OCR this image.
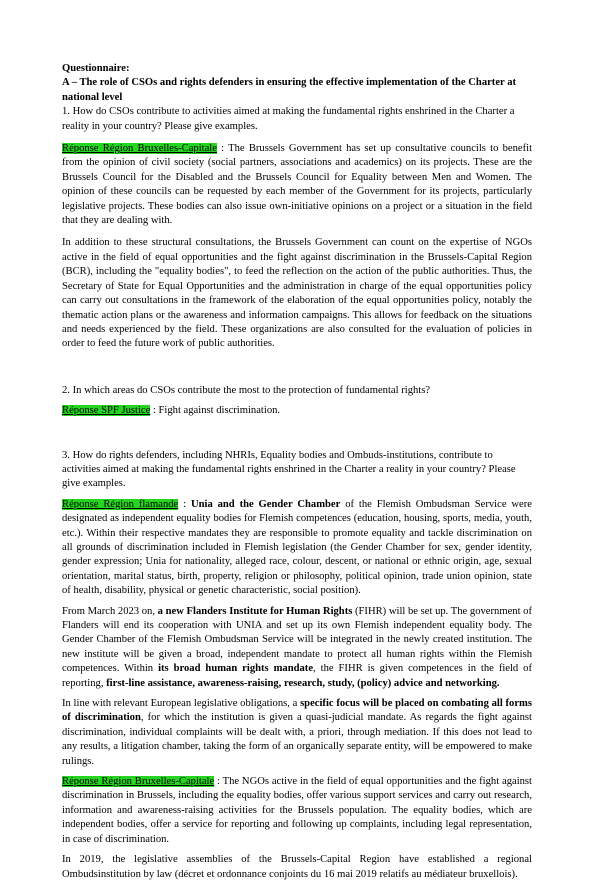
Questionnaire:

A – The role of CSOs and rights defenders in ensuring the effective implementation of the Charter at national level

1. How do CSOs contribute to activities aimed at making the fundamental rights enshrined in the Charter a reality in your country? Please give examples.

Réponse Région Bruxelles-Capitale : The Brussels Government has set up consultative councils to benefit from the opinion of civil society (social partners, associations and academics) on its projects. These are the Brussels Council for the Disabled and the Brussels Council for Equality between Men and Women. The opinion of these councils can be requested by each member of the Government for its projects, particularly legislative projects. These bodies can also issue own-initiative opinions on a project or a situation in the field that they are dealing with.

In addition to these structural consultations, the Brussels Government can count on the expertise of NGOs active in the field of equal opportunities and the fight against discrimination in the Brussels-Capital Region (BCR), including the "equality bodies", to feed the reflection on the action of the public authorities. Thus, the Secretary of State for Equal Opportunities and the administration in charge of the equal opportunities policy can carry out consultations in the framework of the elaboration of the equal opportunities policy, notably the thematic action plans or the awareness and information campaigns. This allows for feedback on the situations and needs experienced by the field. These organizations are also consulted for the evaluation of policies in order to feed the future work of public authorities.

2. In which areas do CSOs contribute the most to the protection of fundamental rights?

Réponse SPF Justice : Fight against discrimination.

3. How do rights defenders, including NHRIs, Equality bodies and Ombuds-institutions, contribute to activities aimed at making the fundamental rights enshrined in the Charter a reality in your country? Please give examples.

Réponse Région flamande : Unia and the Gender Chamber of the Flemish Ombudsman Service were designated as independent equality bodies for Flemish competences (education, housing, sports, media, youth, etc.). Within their respective mandates they are responsible to promote equality and tackle discrimination on all grounds of discrimination included in Flemish legislation (the Gender Chamber for sex, gender identity, gender expression; Unia for nationality, alleged race, colour, descent, or national or ethnic origin, age, sexual orientation, marital status, birth, property, religion or philosophy, political opinion, trade union opinion, state of health, disability, physical or genetic characteristic, social position).

From March 2023 on, a new Flanders Institute for Human Rights (FIHR) will be set up. The government of Flanders will end its cooperation with UNIA and set up its own Flemish independent equality body. The Gender Chamber of the Flemish Ombudsman Service will be integrated in the newly created institution. The new institute will be given a broad, independent mandate to protect all human rights within the Flemish competences. Within its broad human rights mandate, the FIHR is given competences in the field of reporting, first-line assistance, awareness-raising, research, study, (policy) advice and networking.

In line with relevant European legislative obligations, a specific focus will be placed on combating all forms of discrimination, for which the institution is given a quasi-judicial mandate. As regards the fight against discrimination, individual complaints will be dealt with, a priori, through mediation. If this does not lead to any results, a litigation chamber, taking the form of an organically separate entity, will be empowered to make rulings.

Réponse Région Bruxelles-Capitale : The NGOs active in the field of equal opportunities and the fight against discrimination in Brussels, including the equality bodies, offer various support services and carry out research, information and awareness-raising activities for the Brussels population. The equality bodies, which are independent bodies, offer a service for reporting and following up complaints, including legal representation, in case of discrimination.

In 2019, the legislative assemblies of the Brussels-Capital Region have established a regional Ombudsinstitution by law (décret et ordonnance conjoints du 16 mai 2019 relatifs au médiateur bruxellois).
